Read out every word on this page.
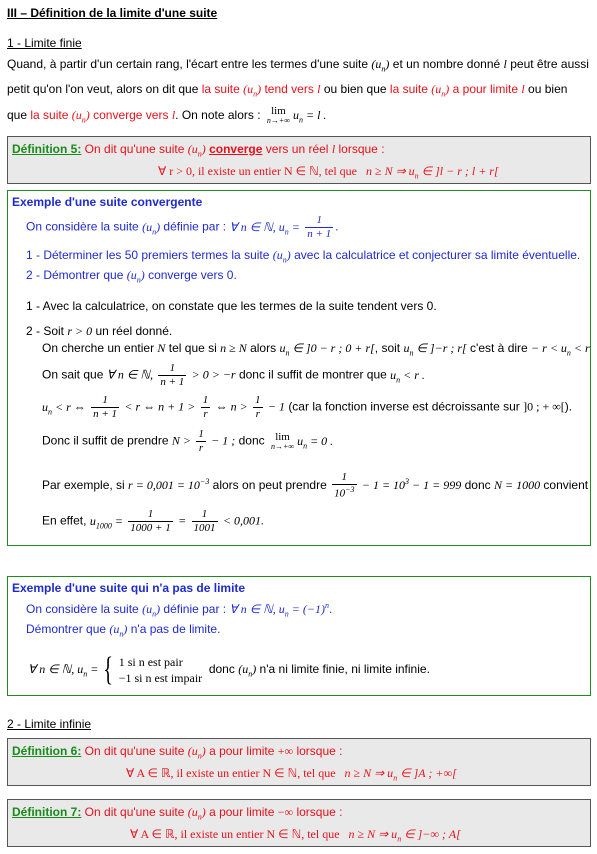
III – Définition de la limite d'une suite
1 - Limite finie
Quand, à partir d'un certain rang, l'écart entre les termes d'une suite $(u_n)$ et un nombre donné l peut être aussi
petit qu'on l'on veut, alors on dit que la suite $(u_n)$ tend vers l ou bien que la suite $(u_n)$ a pour limite l ou bien
que la suite $(u_n)$ converge vers l. On note alors : lim
n→+∞ $u_n = l$ .
Définition 5: On dit qu'une suite $(u_n)$ converge vers un réel l lorsque :
∀ r > 0, il existe un entier N ∈ ℕ, tel que n ≥ N ⇒ $u_n$ ∈ ]l − r ; l + r[
Exemple d'une suite convergente
On considère la suite $(u_n)$ définie par : ∀ n ∈ ℕ, $u_n = \frac{1}{n + 1}$ .
1 - Déterminer les 50 premiers termes la suite $(u_n)$ avec la calculatrice et conjecturer sa limite éventuelle.
2 - Démontrer que $(u_n)$ converge vers 0.
1 - Avec la calculatrice, on constate que les termes de la suite tendent vers 0.
2 - Soit r > 0 un réel donné.
On cherche un entier N tel que si n ≥ N alors $u_n$ ∈ ]0 − r ; 0 + r[, soit $u_n$ ∈ ]−r ; r[ c'est à dire − $r < u_n < r$
On sait que ∀ n ∈ ℕ, $\frac{1}{n + 1} > 0 > -r$ donc il suffit de montrer que $u_n < r$ .
$u_n < r$ ⇔ $\frac{1}{n + 1} < r$ ⇔ $n + 1 > \frac{1}{r}$ ⇔ $n > \frac{1}{r} - 1$ (car la fonction inverse est décroissante sur ]0 ; + ∞[).
Donc il suffit de prendre $N > \frac{1}{r} - 1$ ; donc lim
n→+∞ $u_n = 0$ .
Par exemple, si $r = 0,001 = 10^{-3}$ alors on peut prendre $\frac{1}{10^{-3}} - 1 = 10^3 - 1 = 999$ donc N = 1000 convient
En effet, $u_{1000} = \frac{1}{1000 + 1} = \frac{1}{1001} < 0,001$.
Exemple d'une suite qui n'a pas de limite
On considère la suite $(u_n)$ définie par : ∀ n ∈ ℕ, $u_n = (-1)^n$.
Démontrer que $(u_n)$ n'a pas de limite.
∀ n ∈ ℕ, $u_n$ = { 1 si n est pair
−1 si n est impair
donc $(u_n)$ n'a ni limite finie, ni limite infinie.
2 - Limite infinie
Définition 6: On dit qu'une suite $(u_n)$ a pour limite +∞ lorsque :
∀ A ∈ ℝ, il existe un entier N ∈ ℕ, tel que n ≥ N ⇒ $u_n$ ∈ ]A ; +∞[
Définition 7: On dit qu'une suite $(u_n)$ a pour limite −∞ lorsque :
∀ A ∈ ℝ, il existe un entier N ∈ ℕ, tel que n ≥ N ⇒ $u_n$ ∈ ]−∞ ; A[
